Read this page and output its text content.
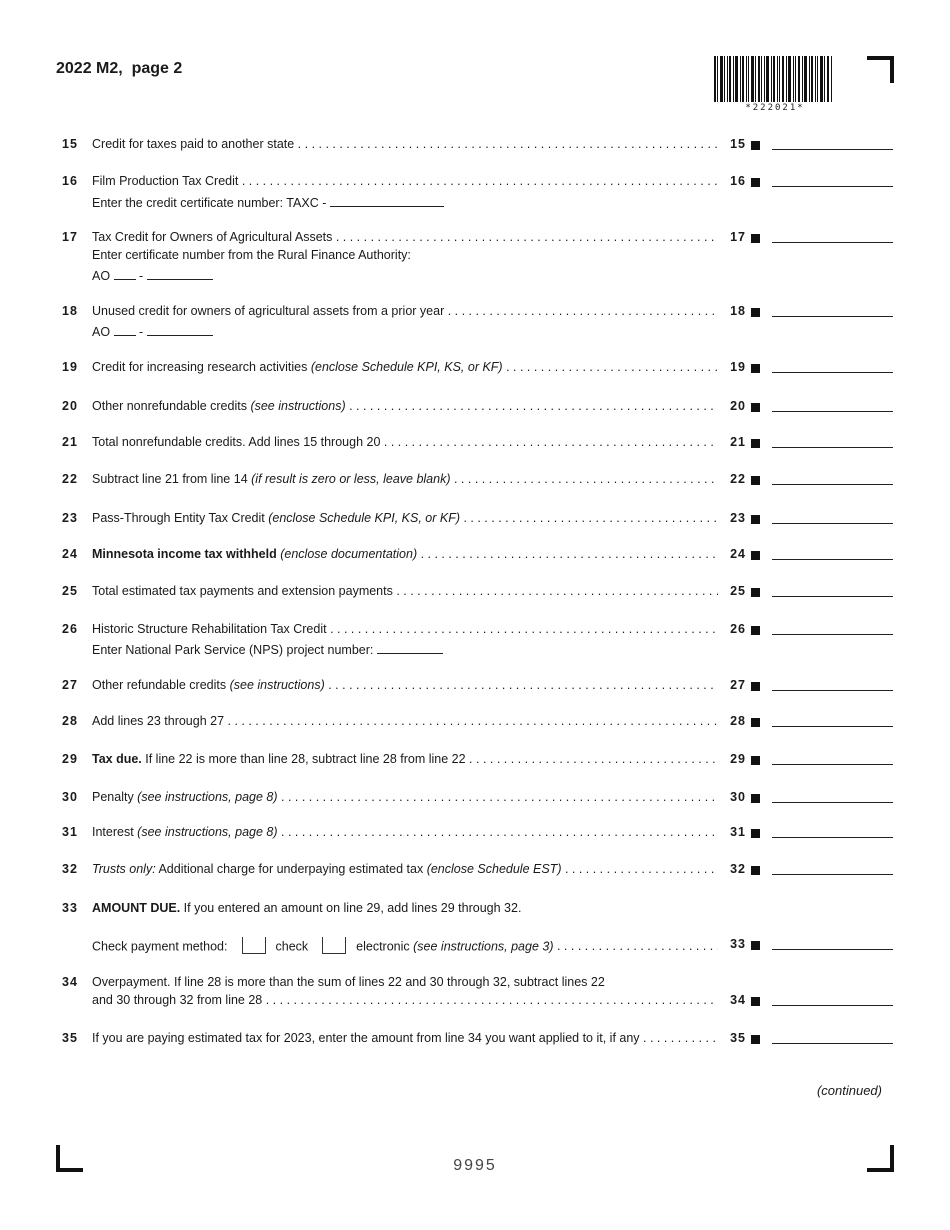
2022 M2,  page 2
*222021*
15	Credit for taxes paid to another state . . .	15
16	Film Production Tax Credit . . .	16
Enter the credit certificate number: TAXC -
17	Tax Credit for Owners of Agricultural Assets . . .	17
Enter certificate number from the Rural Finance Authority:
AO -
18	Unused credit for owners of agricultural assets from a prior year . . .	18
AO -
19	Credit for increasing research activities (enclose Schedule KPI, KS, or KF) . . .	19
20	Other nonrefundable credits (see instructions) . . .	20
21	Total nonrefundable credits. Add lines 15 through 20 . . .	21
22	Subtract line 21 from line 14 (if result is zero or less, leave blank) . . .	22
23	Pass-Through Entity Tax Credit (enclose Schedule KPI, KS, or KF) . . .	23
24	Minnesota income tax withheld (enclose documentation) . . .	24
25	Total estimated tax payments and extension payments . . .	25
26	Historic Structure Rehabilitation Tax Credit . . .	26
Enter National Park Service (NPS) project number:
27	Other refundable credits (see instructions) . . .	27
28	Add lines 23 through 27 . . .	28
29	Tax due. If line 22 is more than line 28, subtract line 28 from line 22 . . .	29
30	Penalty (see instructions, page 8) . . .	30
31	Interest (see instructions, page 8) . . .	31
32	Trusts only: Additional charge for underpaying estimated tax (enclose Schedule EST) . . .	32
33	AMOUNT DUE. If you entered an amount on line 29, add lines 29 through 32.
Check payment method:	check	electronic (see instructions, page 3) . . .	33
34	Overpayment. If line 28 is more than the sum of lines 22 and 30 through 32, subtract lines 22
and 30 through 32 from line 28 . . .	34
35	If you are paying estimated tax for 2023, enter the amount from line 34 you want applied to it, if any . . .	35
(continued)
9995
